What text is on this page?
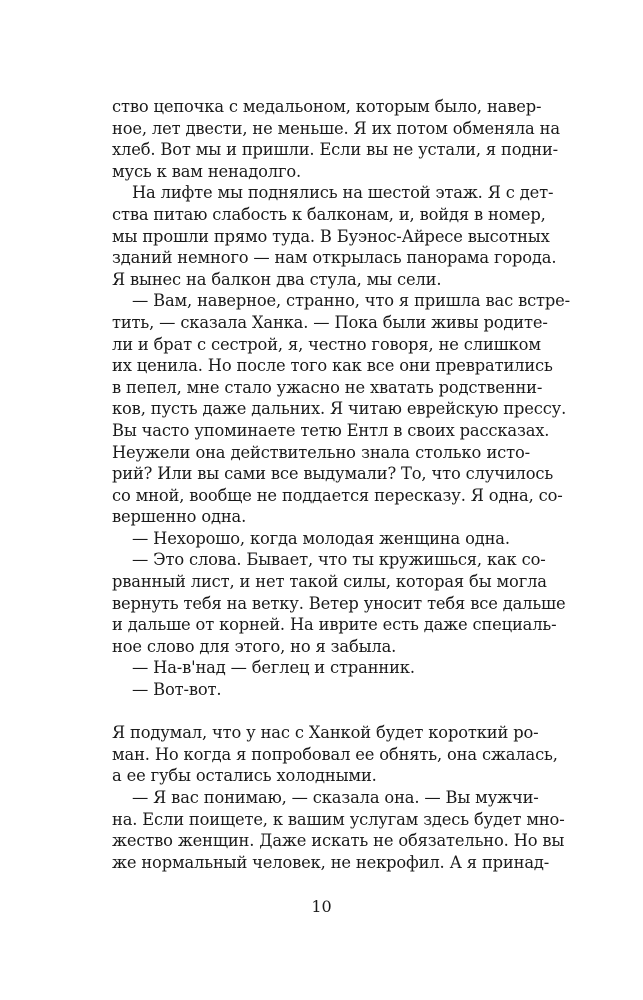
ство цепочка с медальоном, которым было, навер-
ное, лет двести, не меньше. Я их потом обменяла на
хлеб. Вот мы и пришли. Если вы не устали, я подни-
мусь к вам ненадолго.
На лифте мы поднялись на шестой этаж. Я с дет-
ства питаю слабость к балконам, и, войдя в номер,
мы прошли прямо туда. В Буэнос-Айресе высотных
зданий немного — нам открылась панорама города.
Я вынес на балкон два стула, мы сели.
— Вам, наверное, странно, что я пришла вас встре-
тить, — сказала Ханка. — Пока были живы родите-
ли и брат с сестрой, я, честно говоря, не слишком
их ценила. Но после того как все они превратились
в пепел, мне стало ужасно не хватать родственни-
ков, пусть даже дальних. Я читаю еврейскую прессу.
Вы часто упоминаете тетю Ентл в своих рассказах.
Неужели она действительно знала столько истo-
рий? Или вы сами все выдумали? То, что случилось
со мной, вообще не поддается пересказу. Я одна, со-
вершенно одна.
— Нехорошо, когда молодая женщина одна.
— Это слова. Бывает, что ты кружишься, как со-
рванный лист, и нет такой силы, которая бы могла
вернуть тебя на ветку. Ветер уносит тебя все дальше
и дальше от корней. На иврите есть даже специаль-
ное слово для этого, но я забыла.
— На-в'над — беглец и странник.
— Вот-вот.
Я подумал, что у нас с Ханкой будет короткий ро-
ман. Но когда я попробовал ее обнять, она сжалась,
а ее губы остались холодными.
— Я вас понимаю, — сказала она. — Вы мужчи-
на. Если поищете, к вашим услугам здесь будет мно-
жество женщин. Даже искать не обязательно. Но вы
же нормальный человек, не некрофил. А я принад-
10
